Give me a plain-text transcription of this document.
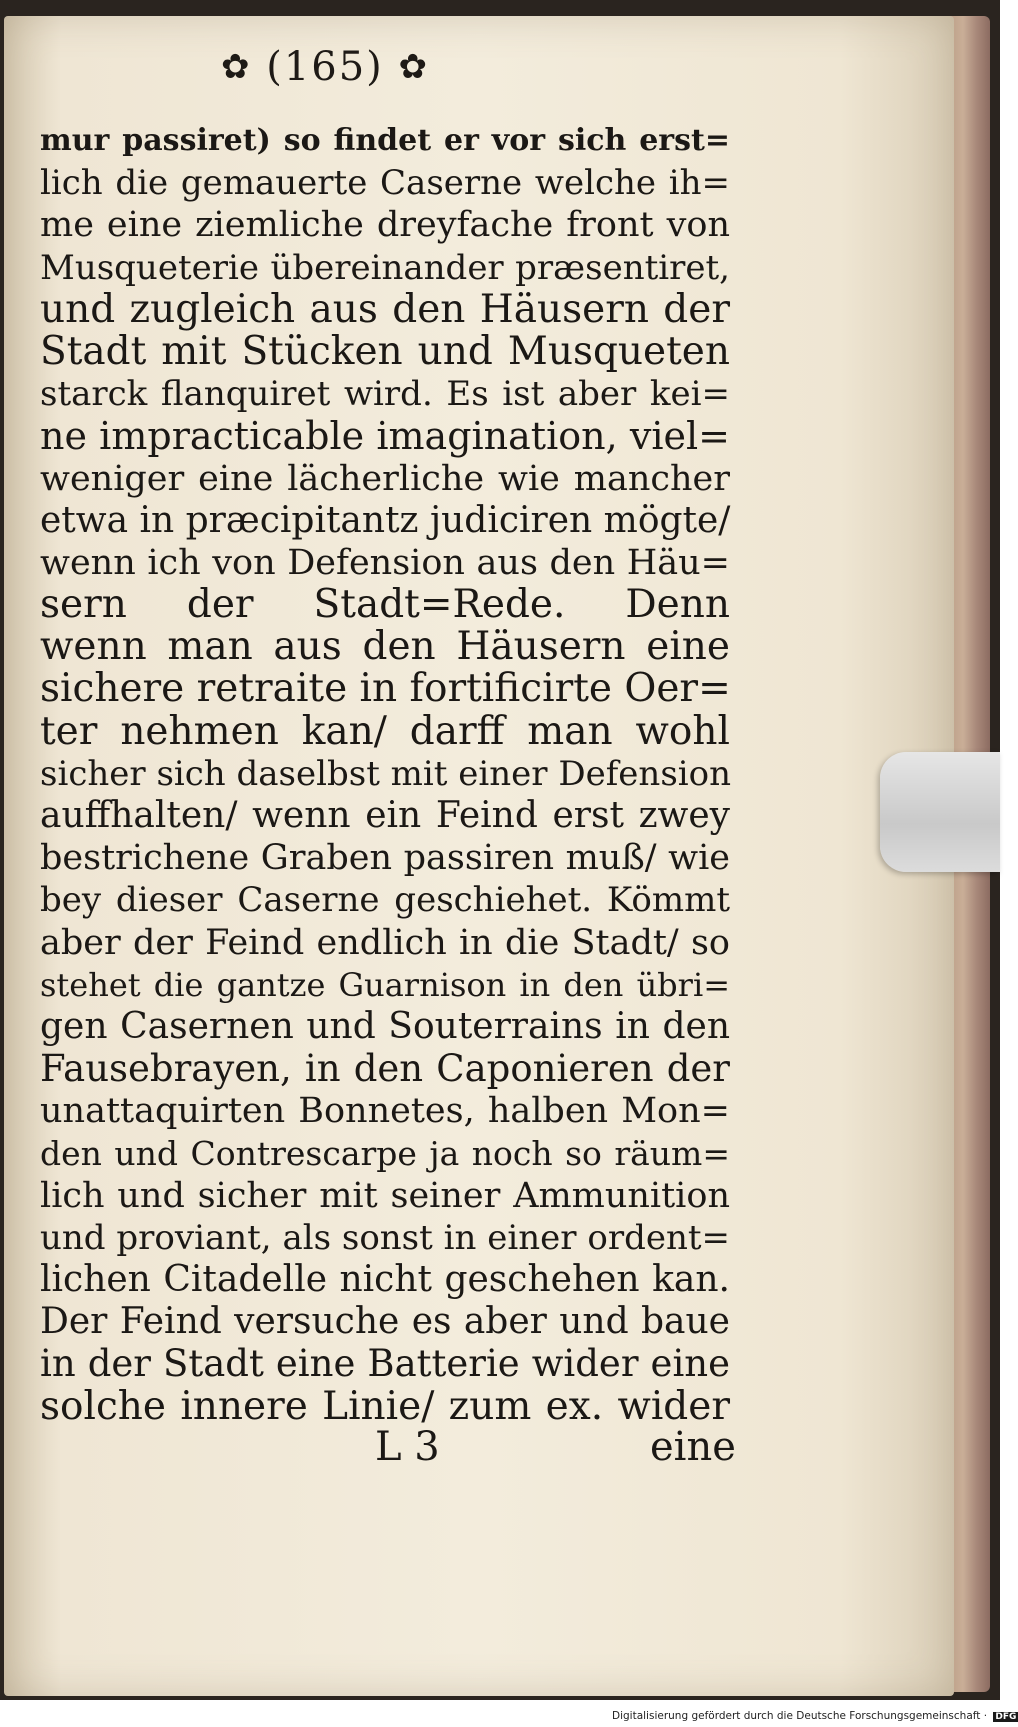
✿ (165) ✿
mur passiret) so findet er vor sich erst=
lich die gemauerte Caserne welche ih=
me eine ziemliche dreyfache front von
Musqueterie übereinander præsentiret,
und zugleich aus den Häusern der
Stadt mit Stücken und Musqueten
starck flanquiret wird. Es ist aber kei=
ne impracticable imagination, viel=
weniger eine lächerliche wie mancher
etwa in præcipitantz judiciren mögte/
wenn ich von Defension aus den Häu=
sern der Stadt=Rede. Denn
wenn man aus den Häusern eine
sichere retraite in fortificirte Oer=
ter nehmen kan/ darff man wohl
sicher sich daselbst mit einer Defension
auffhalten/ wenn ein Feind erst zwey
bestrichene Graben passiren muß/ wie
bey dieser Caserne geschiehet. Kömmt
aber der Feind endlich in die Stadt/ so
stehet die gantze Guarnison in den übri=
gen Casernen und Souterrains in den
Fausebrayen, in den Caponieren der
unattaquirten Bonnetes, halben Mon=
den und Contrescarpe ja noch so räum=
lich und sicher mit seiner Ammunition
und proviant, als sonst in einer ordent=
lichen Citadelle nicht geschehen kan.
Der Feind versuche es aber und baue
in der Stadt eine Batterie wider eine
solche innere Linie/ zum ex. wider
L 3	eine
Digitalisierung gefördert durch die Deutsche Forschungsgemeinschaft · DFG
